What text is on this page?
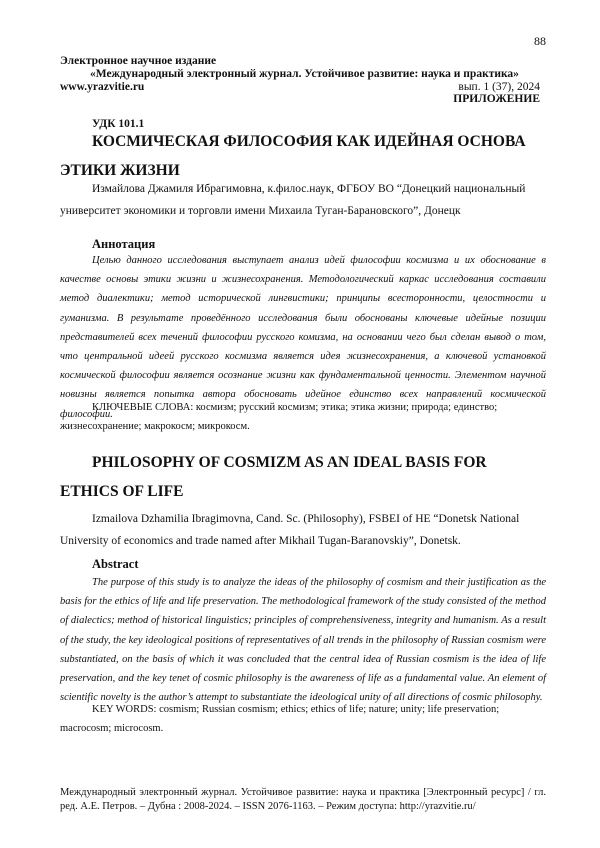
88
Электронное научное издание
«Международный электронный журнал. Устойчивое развитие: наука и практика»
www.yrazvitie.ru	вып. 1 (37), 2024
ПРИЛОЖЕНИЕ
УДК 101.1
КОСМИЧЕСКАЯ ФИЛОСОФИЯ КАК ИДЕЙНАЯ ОСНОВА ЭТИКИ ЖИЗНИ
Измайлова Джамиля Ибрагимовна, к.филос.наук, ФГБОУ ВО “Донецкий национальный университет экономики и торговли имени Михаила Туган-Барановского”, Донецк
Аннотация
Целью данного исследования выступает анализ идей философии космизма и их обоснование в качестве основы этики жизни и жизнесохранения. Методологический каркас исследования составили метод диалектики; метод исторической лингвистики; принципы всесторонности, целостности и гуманизма. В результате проведённого исследования были обоснованы ключевые идейные позиции представителей всех течений философии русского комизма, на основании чего был сделан вывод о том, что центральной идеей русского космизма является идея жизнесохранения, а ключевой установкой космической философии является осознание жизни как фундаментальной ценности. Элементом научной новизны является попытка автора обосновать идейное единство всех направлений космической философии.
КЛЮЧЕВЫЕ СЛОВА: космизм; русский космизм; этика; этика жизни; природа; единство; жизнесохранение; макрокосм; микрокосм.
PHILOSOPHY OF COSMIZM AS AN IDEAL BASIS FOR ETHICS OF LIFE
Izmailova Dzhamilia Ibragimovna, Cand. Sc. (Philosophy), FSBEI of HE “Donetsk National University of economics and trade named after Mikhail Tugan-Baranovskiy”, Donetsk.
Abstract
The purpose of this study is to analyze the ideas of the philosophy of cosmism and their justification as the basis for the ethics of life and life preservation. The methodological framework of the study consisted of the method of dialectics; method of historical linguistics; principles of comprehensiveness, integrity and humanism. As a result of the study, the key ideological positions of representatives of all trends in the philosophy of Russian cosmism were substantiated, on the basis of which it was concluded that the central idea of Russian cosmism is the idea of life preservation, and the key tenet of cosmic philosophy is the awareness of life as a fundamental value. An element of scientific novelty is the author’s attempt to substantiate the ideological unity of all directions of cosmic philosophy.
KEY WORDS: cosmism; Russian cosmism; ethics; ethics of life; nature; unity; life preservation; macrocosm; microcosm.
Международный электронный журнал. Устойчивое развитие: наука и практика [Электронный ресурс] / гл. ред. А.Е. Петров. – Дубна : 2008-2024. – ISSN 2076-1163. – Режим доступа: http://yrazvitie.ru/
